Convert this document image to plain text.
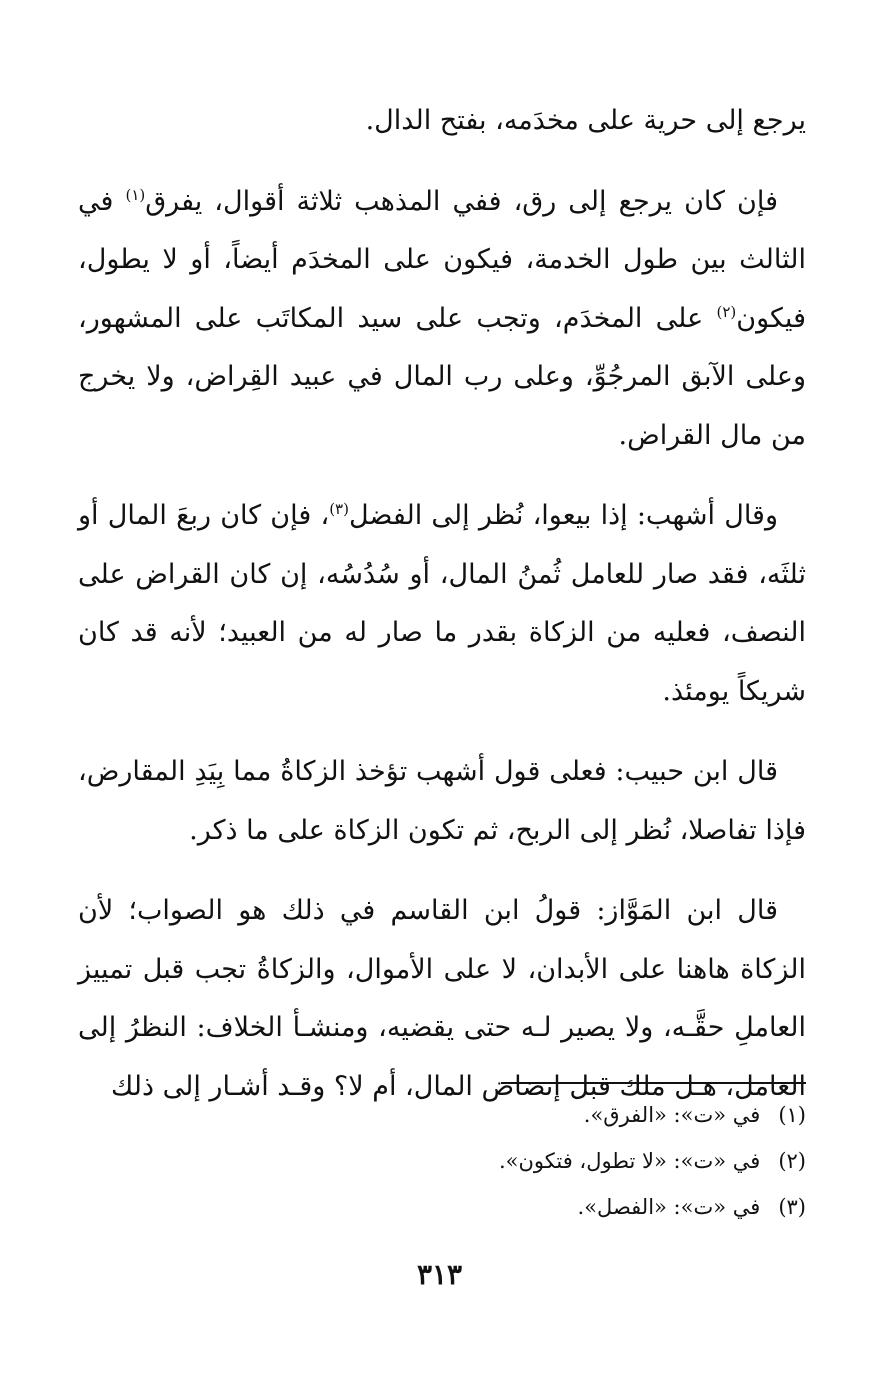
يرجع إلى حرية على مخدَمه، بفتح الدال.

فإن كان يرجع إلى رق، ففي المذهب ثلاثة أقوال، يفرق$^{(١)}$ في الثالث بين طول الخدمة، فيكون على المخدَم أيضاً، أو لا يطول، فيكون$^{(٢)}$ على المخدَم، وتجب على سيد المكاتَب على المشهور، وعلى الآبق المرجُوِّ، وعلى رب المال في عبيد القِراض، ولا يخرج من مال القراض.

وقال أشهب: إذا بيعوا، نُظر إلى الفضل$^{(٣)}$، فإن كان ربعَ المال أو ثلثَه، فقد صار للعامل ثُمنُ المال، أو سُدُسُه، إن كان القراض على النصف، فعليه من الزكاة بقدر ما صار له من العبيد؛ لأنه قد كان شريكاً يومئذ.

قال ابن حبيب: فعلى قول أشهب تؤخذ الزكاةُ مما بِيَدِ المقارض، فإذا تفاصلا، نُظر إلى الربح، ثم تكون الزكاة على ما ذكر.

قال ابن المَوَّاز: قولُ ابن القاسم في ذلك هو الصواب؛ لأن الزكاة هاهنا على الأبدان، لا على الأموال، والزكاةُ تجب قبل تمييز العاملِ حقَّـه، ولا يصير لـه حتى يقضيه، ومنشـأ الخلاف: النظرُ إلى العامل، هـل ملك قبل إنضاض المال، أم لا؟ وقـد أشـار إلى ذلك

(١)في «ت»: «الفرق».
(٢)في «ت»: «لا تطول، فتكون».
(٣)في «ت»: «الفصل».
٣١٣
